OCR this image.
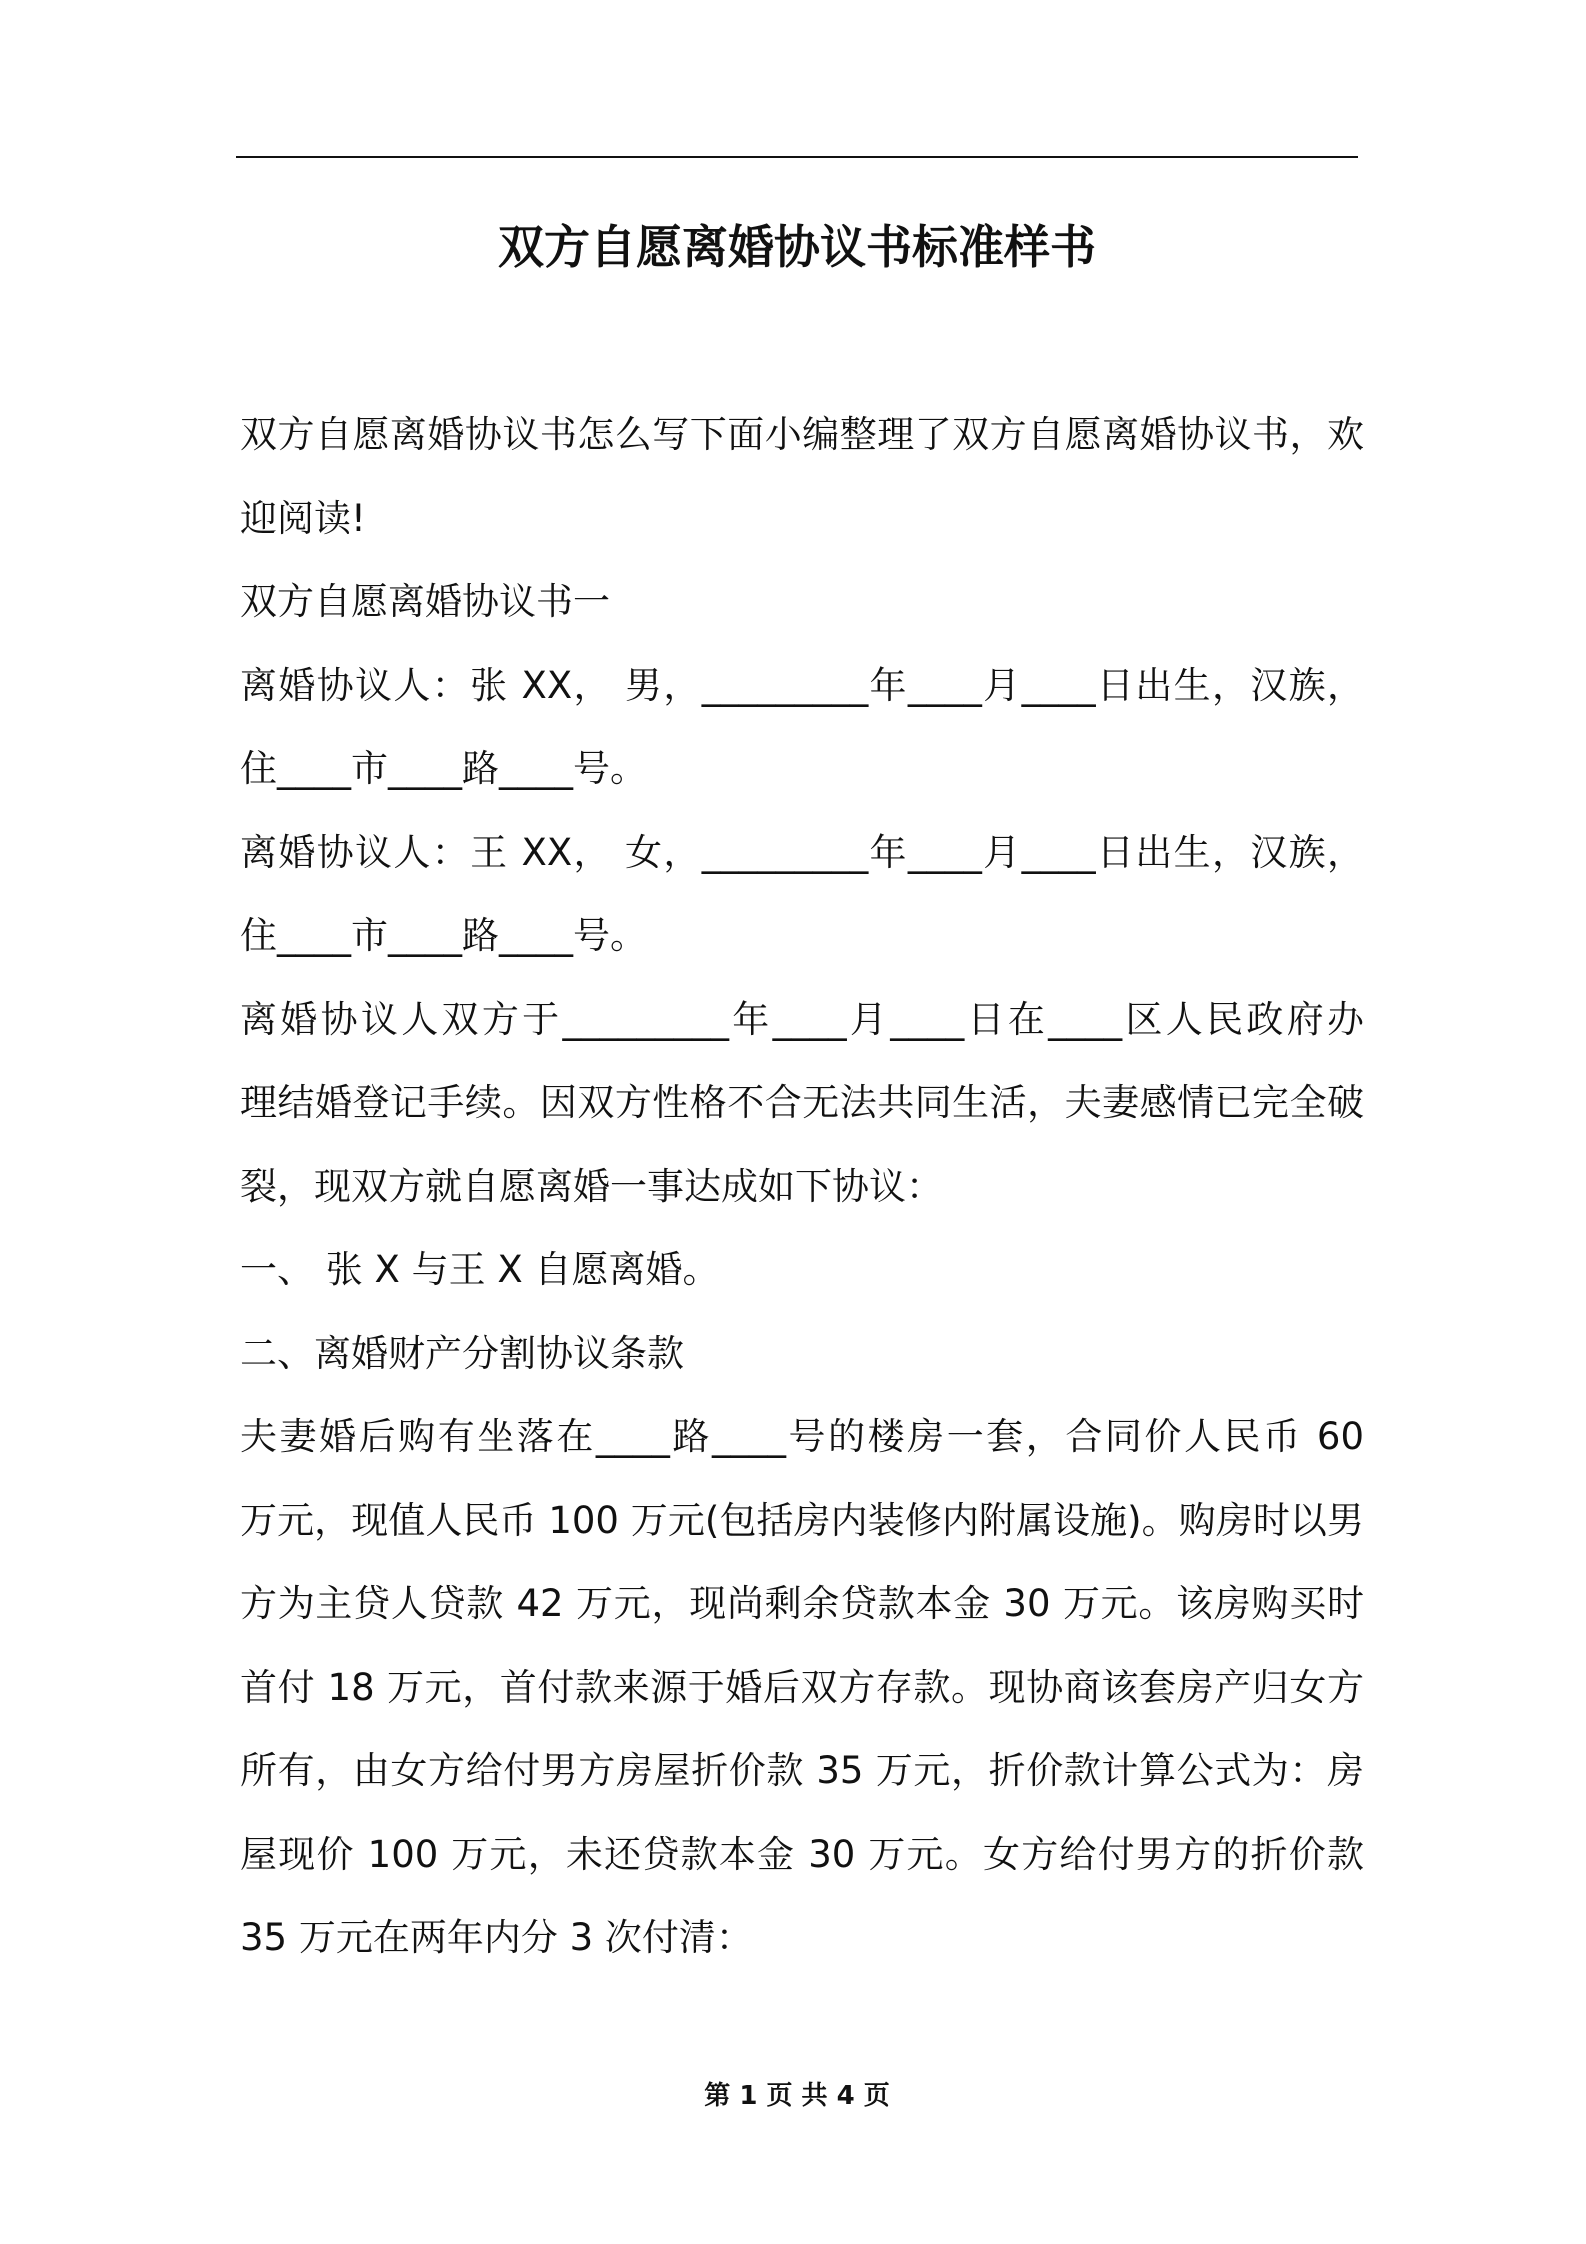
双方自愿离婚协议书标准样书
双方自愿离婚协议书怎么写下面小编整理了双方自愿离婚协议书，欢
迎阅读!
双方自愿离婚协议书一
离婚协议人：张 XX， 男，_________年____月____日出生，汉族，
住____市____路____号。
离婚协议人：王 XX， 女，_________年____月____日出生，汉族，
住____市____路____号。
离婚协议人双方于_________年____月____日在____区人民政府办
理结婚登记手续。因双方性格不合无法共同生活，夫妻感情已完全破
裂，现双方就自愿离婚一事达成如下协议：
一、 张 X 与王 X 自愿离婚。
二、离婚财产分割协议条款
夫妻婚后购有坐落在____路____号的楼房一套，合同价人民币 60
万元，现值人民币 100 万元(包括房内装修内附属设施)。购房时以男
方为主贷人贷款 42 万元，现尚剩余贷款本金 30 万元。该房购买时
首付 18 万元，首付款来源于婚后双方存款。现协商该套房产归女方
所有，由女方给付男方房屋折价款 35 万元，折价款计算公式为：房
屋现价 100 万元，未还贷款本金 30 万元。女方给付男方的折价款
35 万元在两年内分 3 次付清：
第 1 页 共 4 页
